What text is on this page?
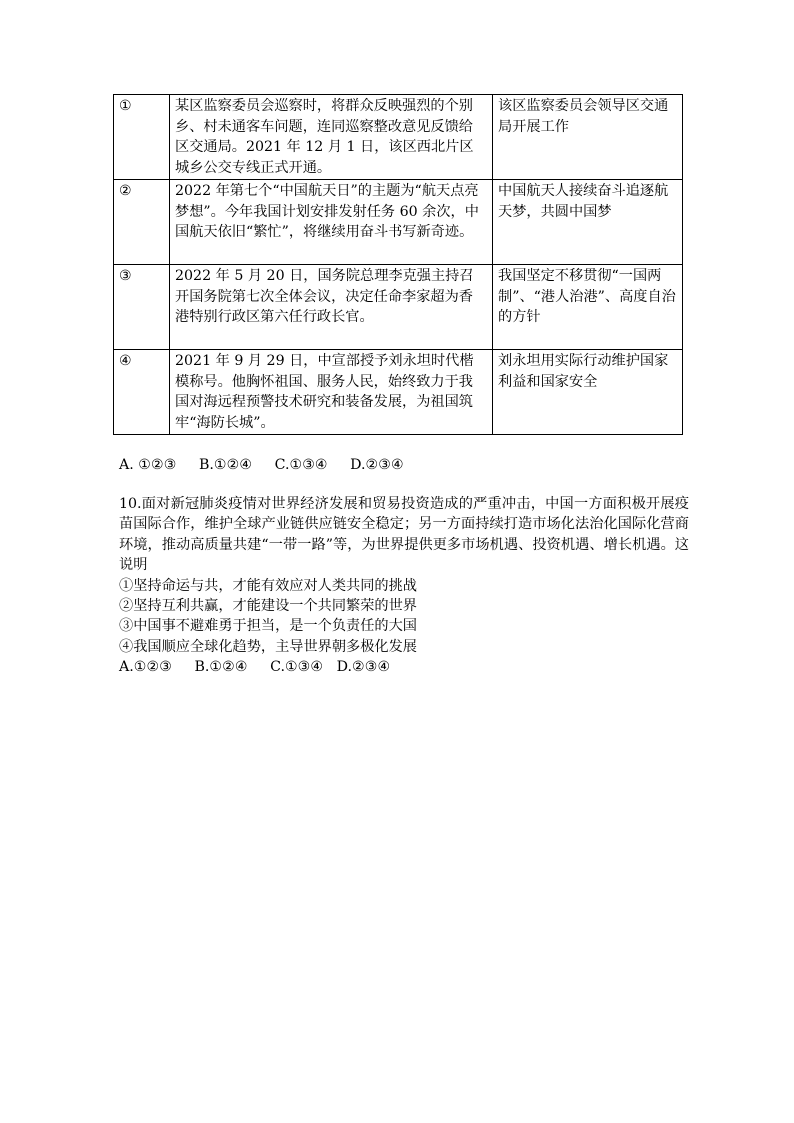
①	某区监察委员会巡察时，将群众反映强烈的个别乡、村未通客车问题，连同巡察整改意见反馈给区交通局。2021 年 12 月 1 日，该区西北片区城乡公交专线正式开通。	该区监察委员会领导区交通局开展工作
②	2022 年第七个“中国航天日”的主题为“航天点亮梦想”。今年我国计划安排发射任务 60 余次，中国航天依旧“繁忙”，将继续用奋斗书写新奇迹。	中国航天人接续奋斗追逐航天梦，共圆中国梦
③	2022 年 5 月 20 日，国务院总理李克强主持召开国务院第七次全体会议，决定任命李家超为香港特别行政区第六任行政长官。	我国坚定不移贯彻“一国两制”、“港人治港”、高度自治的方针
④	2021 年 9 月 29 日，中宣部授予刘永坦时代楷模称号。他胸怀祖国、服务人民，始终致力于我国对海远程预警技术研究和装备发展，为祖国筑牢“海防长城”。	刘永坦用实际行动维护国家利益和国家安全
A. ①②③     B.①②④     C.①③④     D.②③④

10.面对新冠肺炎疫情对世界经济发展和贸易投资造成的严重冲击，中国一方面积极开展疫苗国际合作，维护全球产业链供应链安全稳定；另一方面持续打造市场化法治化国际化营商环境，推动高质量共建“一带一路”等，为世界提供更多市场机遇、投资机遇、增长机遇。这说明

①坚持命运与共，才能有效应对人类共同的挑战

②坚持互利共赢，才能建设一个共同繁荣的世界

③中国事不避难勇于担当，是一个负责任的大国

④我国顺应全球化趋势，主导世界朝多极化发展

A.①②③     B.①②④     C.①③④   D.②③④
